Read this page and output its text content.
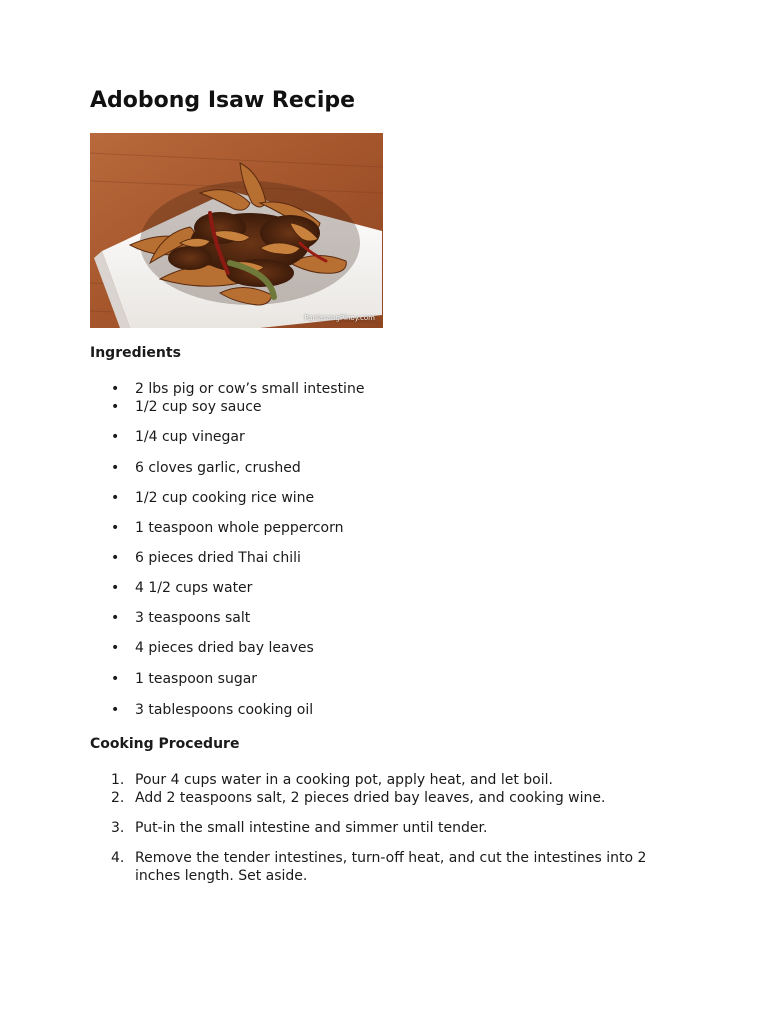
Adobong Isaw Recipe
PanlasangPinoy.com
Ingredients
• 2 lbs pig or cow’s small intestine
• 1/2 cup soy sauce
• 1/4 cup vinegar
• 6 cloves garlic, crushed
• 1/2 cup cooking rice wine
• 1 teaspoon whole peppercorn
• 6 pieces dried Thai chili
• 4 1/2 cups water
• 3 teaspoons salt
• 4 pieces dried bay leaves
• 1 teaspoon sugar
• 3 tablespoons cooking oil
Cooking Procedure
1. Pour 4 cups water in a cooking pot, apply heat, and let boil.
2. Add 2 teaspoons salt, 2 pieces dried bay leaves, and cooking wine.
3. Put-in the small intestine and simmer until tender.
4. Remove the tender intestines, turn-off heat, and cut the intestines into 2 inches length. Set aside.
